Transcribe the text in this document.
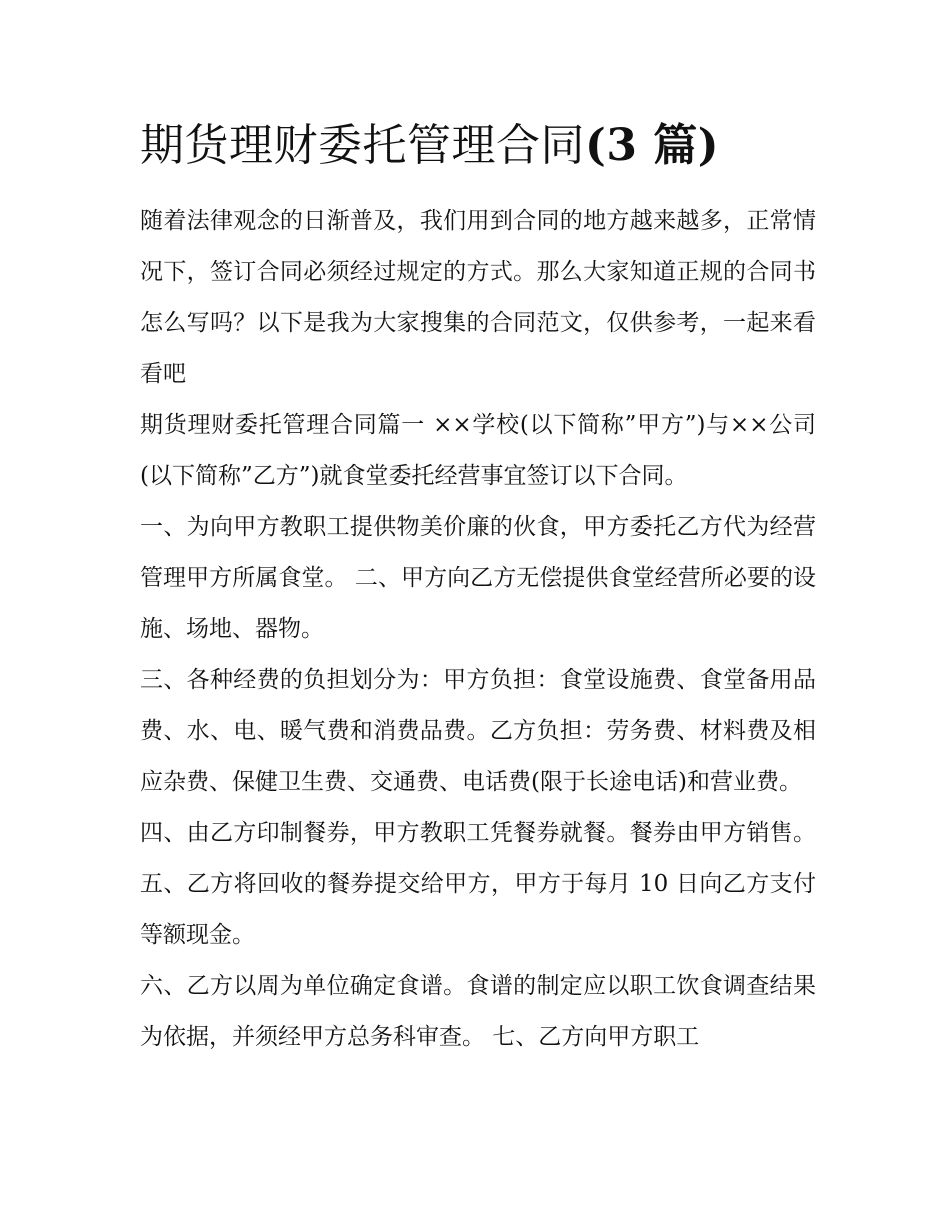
期货理财委托管理合同(3 篇)

随着法律观念的日渐普及，我们用到合同的地方越来越多，正常情况下，签订合同必须经过规定的方式。那么大家知道正规的合同书怎么写吗？以下是我为大家搜集的合同范文，仅供参考，一起来看看吧

期货理财委托管理合同篇一 ××学校(以下简称”甲方”)与××公司(以下简称”乙方”)就食堂委托经营事宜签订以下合同。

一、为向甲方教职工提供物美价廉的伙食，甲方委托乙方代为经营管理甲方所属食堂。 二、甲方向乙方无偿提供食堂经营所必要的设施、场地、器物。

三、各种经费的负担划分为：甲方负担：食堂设施费、食堂备用品费、水、电、暖气费和消费品费。乙方负担：劳务费、材料费及相应杂费、保健卫生费、交通费、电话费(限于长途电话)和营业费。

四、由乙方印制餐券，甲方教职工凭餐券就餐。餐券由甲方销售。 五、乙方将回收的餐券提交给甲方，甲方于每月 10 日向乙方支付等额现金。

六、乙方以周为单位确定食谱。食谱的制定应以职工饮食调查结果为依据，并须经甲方总务科审查。 七、乙方向甲方职工
